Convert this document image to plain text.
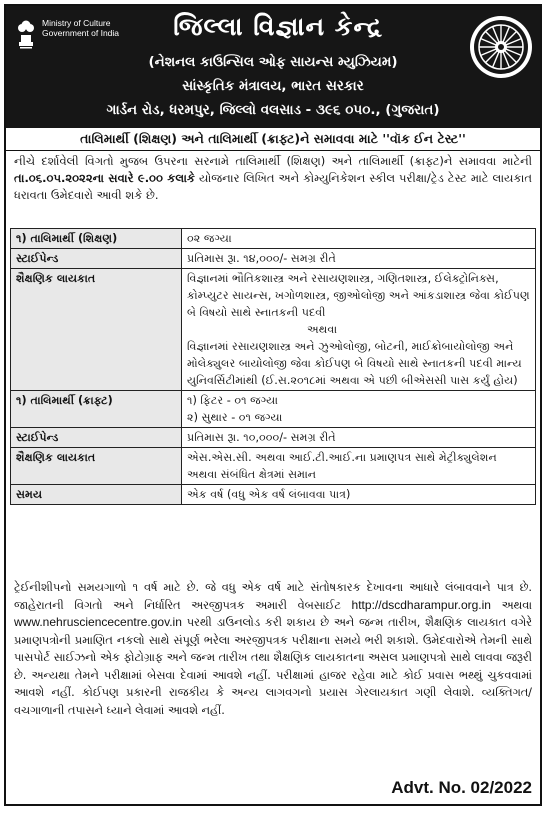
Ministry of Culture
Government of India	જિલ્લા વિજ્ઞાન કેન્દ્ર
(નેશનલ કાઉન્સિલ ઓફ સાયન્સ મ્યુઝિયમ)
સાંસ્કૃતિક મંત્રાલય, ભારત સરકાર
ગાર્ડન રોડ, ધરમપુર, જિલ્લો વલસાડ - ૩૯૬ ૦૫૦., (ગુજરાત)
તાલિમાર્થી (શિક્ષણ) અને તાલિમાર્થી (ક્રાફ્ટ)ને સમાવવા માટે ''વૉક ઈન ટેસ્ટ''
નીચે દર્શાવેલી વિગતો મુજબ ઉપરના સરનામે તાલિમાર્થી (શિક્ષણ) અને તાલિમાર્થી (ક્રાફ્ટ)ને સમાવવા માટેની તા.૦૬.૦૫.૨૦૨૨ના સવારે ૯.૦૦ કલાકે યોજનાર લિખિત અને કોમ્યુનિકેશન સ્કીલ પરીક્ષા/ટ્રેડ ટેસ્ટ માટે લાયકાત ધરાવતા ઉમેદવારો આવી શકે છે.
૧) તાલિમાર્થી (શિક્ષણ)	૦૨ જગ્યા
સ્ટાઈપેન્ડ	પ્રતિમાસ રૂા. ૧૪,૦૦૦/- સમગ્ર રીતે
શૈક્ષણિક લાયકાત	વિજ્ઞાનમાં ભૌતિકશાસ્ત્ર અને રસાયણશાસ્ત્ર, ગણિતશાસ્ત્ર, ઈલેક્ટ્રોનિક્સ, કોમ્પ્યુટર સાયન્સ, ખગોળશાસ્ત્ર, જીઓલોજી અને આંકડાશાસ્ત્ર જેવા કોઈપણ બે વિષયો સાથે સ્નાતકની પદવી
અથવા
વિજ્ઞાનમાં રસાયણશાસ્ત્ર અને ઝુઓલોજી, બોટની, માઈક્રોબાયોલોજી અને મોલેક્યુલર બાયોલોજી જેવા કોઈપણ બે વિષયો સાથે સ્નાતકની પદવી માન્ય યુનિવર્સિટીમાંથી (ઈ.સ.૨૦૧૮માં અથવા એ પછી બીએસસી પાસ કર્યું હોય)

૧) તાલિમાર્થી (ક્રાફ્ટ)	૧) ફિટર - ૦૧ જગ્યા
૨) સુથાર - ૦૧ જગ્યા

સ્ટાઈપેન્ડ	પ્રતિમાસ રૂા. ૧૦,૦૦૦/- સમગ્ર રીતે
શૈક્ષણિક લાયકાત	એસ.એસ.સી. અથવા આઈ.ટી.આઈ.ના પ્રમાણપત્ર સાથે મેટ્રીક્યુલેશન અથવા સંબંધિત ક્ષેત્રમાં સમાન
સમય	એક વર્ષ (વધુ એક વર્ષ લંબાવવા પાત્ર)
ટ્રેઈનીશીપનો સમયગાળો ૧ વર્ષ માટે છે. જે વધુ એક વર્ષ માટે સંતોષકારક દેખાવના આધારે લંબાવવાને પાત્ર છે. જાહેરાતની વિગતો અને નિર્ધારિત અરજીપત્રક અમારી વેબસાઈટ http://dscdharampur.org.in અથવા www.nehrusciencecentre.gov.in પરથી ડાઉનલોડ કરી શકાય છે અને જન્મ તારીખ, શૈક્ષણિક લાયકાત વગેરે પ્રમાણપત્રોની પ્રમાણિત નકલો સાથે સંપૂર્ણ ભરેલા અરજીપત્રક પરીક્ષાના સમયે ભરી શકાશે. ઉમેદવારોએ તેમની સાથે પાસપોર્ટ સાઈઝનો એક ફોટોગ્રાફ અને જન્મ તારીખ તથા શૈક્ષણિક લાયકાતના અસલ પ્રમાણપત્રો સાથે લાવવા જરૂરી છે. અન્યથા તેમને પરીક્ષામાં બેસવા દેવામાં આવશે નહીં. પરીક્ષામાં હાજર રહેવા માટે કોઈ પ્રવાસ ભથ્થું ચુકવવામાં આવશે નહીં. કોઈપણ પ્રકારની રાજકીય કે અન્ય લાગવગનો પ્રયાસ ગેરલાયકાત ગણી લેવાશે. વ્યક્તિગત/વચગાળાની તપાસને ધ્યાને લેવામાં આવશે નહીં.
Advt. No. 02/2022
